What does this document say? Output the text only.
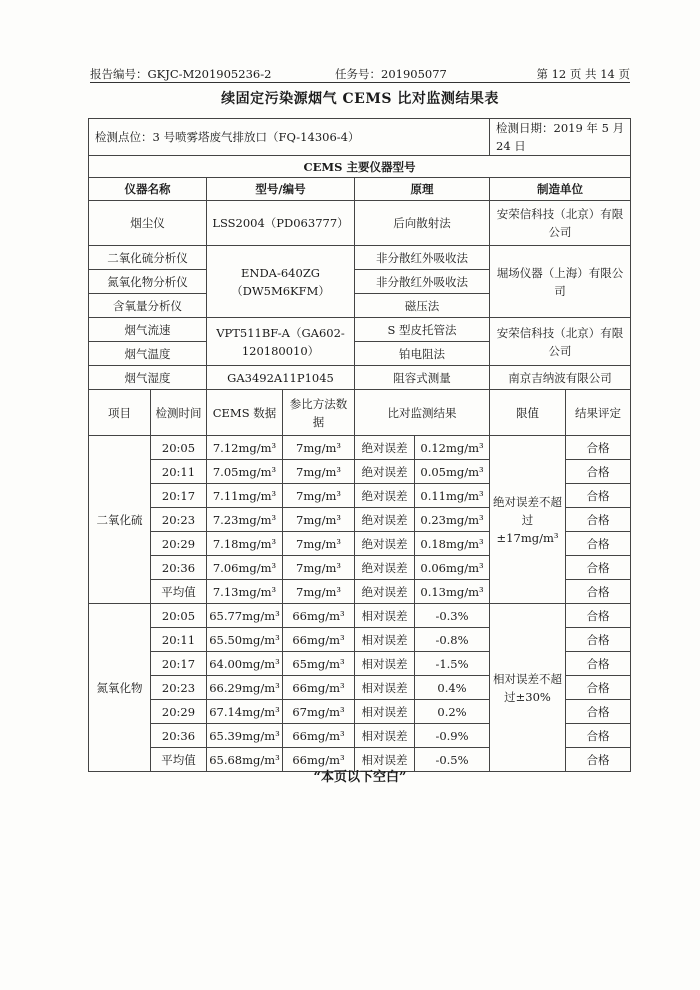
报告编号：GKJC-M201905236-2	任务号：201905077	第 12 页 共 14 页
续固定污染源烟气 CEMS 比对监测结果表
检测点位：3 号喷雾塔废气排放口（FQ-14306-4）						检测日期：2019 年 5 月 24 日	
CEMS 主要仪器型号							
仪器名称		型号/编号		原理		制造单位	
烟尘仪		LSS2004（PD063777）		后向散射法		安荣信科技（北京）有限公司	
二氧化硫分析仪		ENDA-640ZG（DW5M6KFM）		非分散红外吸收法		堀场仪器（上海）有限公司	
氮氧化物分析仪				非分散红外吸收法			
含氧量分析仪				磁压法			
烟气流速		VPT511BF-A（GA602-120180010）		S 型皮托管法		安荣信科技（北京）有限公司	
烟气温度				铂电阻法			
烟气湿度		GA3492A11P1045		阻容式测量		南京吉纳波有限公司	
项目	检测时间	CEMS 数据	参比方法数据	比对监测结果		限值	结果评定
二氧化硫	20:05	7.12mg/m³	7mg/m³	绝对误差	0.12mg/m³	绝对误差不超过±17mg/m³	合格
	20:11	7.05mg/m³	7mg/m³	绝对误差	0.05mg/m³		合格
	20:17	7.11mg/m³	7mg/m³	绝对误差	0.11mg/m³		合格
	20:23	7.23mg/m³	7mg/m³	绝对误差	0.23mg/m³		合格
	20:29	7.18mg/m³	7mg/m³	绝对误差	0.18mg/m³		合格
	20:36	7.06mg/m³	7mg/m³	绝对误差	0.06mg/m³		合格
	平均值	7.13mg/m³	7mg/m³	绝对误差	0.13mg/m³		合格
氮氧化物	20:05	65.77mg/m³	66mg/m³	相对误差	-0.3%	相对误差不超过±30%	合格
	20:11	65.50mg/m³	66mg/m³	相对误差	-0.8%		合格
	20:17	64.00mg/m³	65mg/m³	相对误差	-1.5%		合格
	20:23	66.29mg/m³	66mg/m³	相对误差	0.4%		合格
	20:29	67.14mg/m³	67mg/m³	相对误差	0.2%		合格
	20:36	65.39mg/m³	66mg/m³	相对误差	-0.9%		合格
	平均值	65.68mg/m³	66mg/m³	相对误差	-0.5%		合格
“本页以下空白”
